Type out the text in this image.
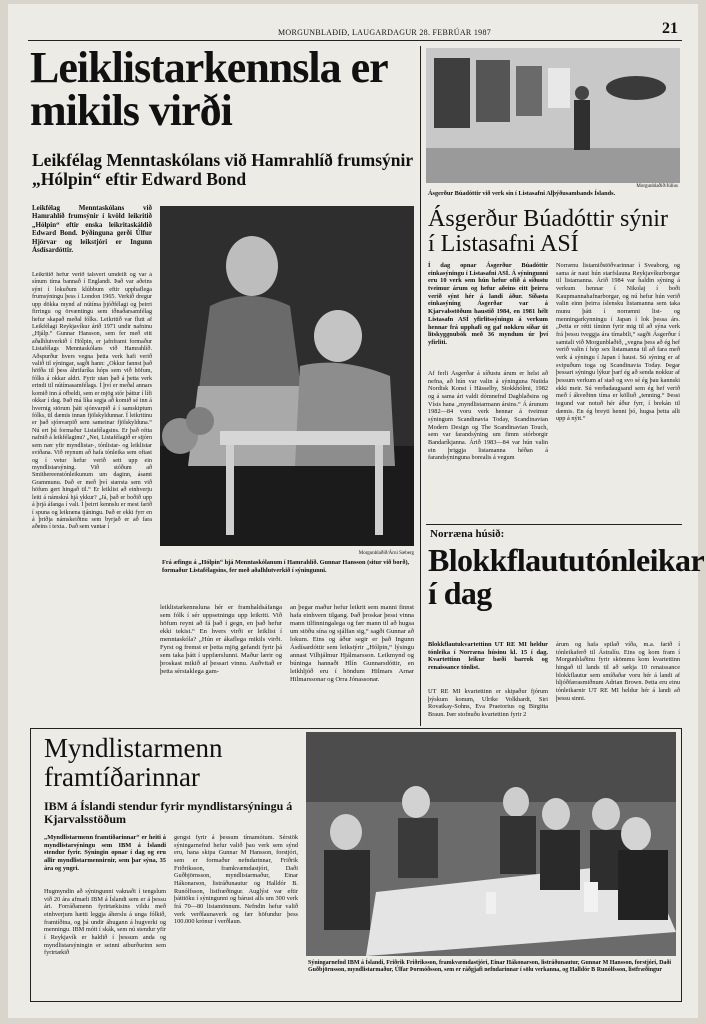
MORGUNBLAÐIÐ, LAUGARDAGUR 28. FEBRÚAR 1987	21
Leiklistarkennsla er mikils virði
Leikfélag Menntaskólans við Hamrahlíð frumsýnir „Hólpin“ eftir Edward Bond
Leikfélag Menntaskólans við Hamrahlíð frumsýnir í kvöld leikritið „Hólpin“ eftir enska leikritaskáldið Edward Bond. Þýðinguna gerði Úlfur Hjörvar og leikstjóri er Ingunn Ásdísardóttir.
Leikritið hefur verið talsvert umdeilt og var á sínum tíma bannað í Englandi. Það var aðeins sýnt í lokuðum klúbbum eftir upphaflega frumsýningu þess í London 1965. Verkið dregur upp dökka mynd af nútíma þjóðfélagi og þeirri firringu og örvæntingu sem iðnaðarsamfélag hefur skapað meðal fólks. Leikritið var flutt af Leikfélagi Reykjavíkur árið 1971 undir nafninu „Hjálp.“ Gunnar Hansson, sem fer með eitt aðalhlutverkið í Hólpin, er jafnframt formaður Listafélags Menntaskólans við Hamrahlíð. Aðspurður hvers vegna þetta verk hafi verið valið til sýningar, sagði hann: „Okkur fannst það höfða til þess áhrifaríka hóps sem við höfum, fólks á okkar aldri. Fyrir utan það á þetta verk erindi til nútímasamfélags. Í því er meðal annars komið inn á ofbeldi, sem er mjög stór þáttur í lífi okkar í dag. Það má líka segja að komið sé inn á hvernig störum þátt sjónvarpið á í samskiptum fólks, til dæmis innan fjölskyldunnar. Í leikritinu er það sjónvarpið sem sameinar fjölskylduna.“ Nú ert þú formaður Listafélagsins. Er það rétta nafnið á leikfélaginu? „Nei, Listafélagið er stjórn sem nær yfir myndlistar-, tónlistar- og leiklistar sviðana. Við reynum að hafa tónleika sem oftast og í vetur hefur verið sett upp ein myndlistarsýning. Við stóðum að Smithereenstónleikunum um daginn, ásamt Grammunu. Það er með því stærsta sem við höfum gert hingað til.“ Er leiklist að einhverju leiti á námskrá hjá ykkur? „Já, það er boðið upp á þrjá áfanga í vali. Í þeirri kennslu er mest farið í spuna og leikræna tjáningu. Það er ekki fyrr en á þriðja námskeiðinu sem byrjað er að fara aðeins í texta.. Það sem vantar í
Morgunblaðið/Árni Sæberg
Frá æfingu á „Hólpin“ hjá Menntaskólanum í Hamrahlíð. Gunnar Hansson (situr við borð), formaður Listafélagsins, fer með aðalhlutverkið í sýningunni.
leiklistarkennsluna hér er framhaldsáfanga sem fólk í sér uppsetningu upp leikriti. Við höfum reynt að fá það í gegn, en það hefur ekki tekist.“ En hvers virði er leiklist í menntaskóla? „Hún er ákaflega mikils virði. Fyrst og fremst er þetta mjög gefandi fyrir þá sem taka þátt í uppfærslunni. Maður lærir og þroskast mikið af þessari vinnu. Auðvitað er þetta sérstaklega gam-
an þegar maður hefur leikrit sem manni finnst hafa einhvern tilgang. Það þroskar þessi vinna mann tilfinningalega og fær mann til að hugsa um stöðu sína og sjálfan sig,“ sagði Gunnar að lokum. Eins og áður segir er það Ingunn Ásdísardóttir sem leikstýrir „Hólpin,“ lýsingu annast Vilhjálmur Hjálmarsson. Leikmynd og búninga hannaði Hlín Gunnarsdóttir, en leikhljóð eru í höndum Hilmars Arnar Hilmarssonar og Orra Jónassonar.
Morgunblaðið/Júlíus
Ásgerður Búadóttir við verk sín í Listasafni Alþýðusambands Íslands.
Ásgerður Búadóttir sýnir í Listasafni ASÍ
Í dag opnar Ásgerður Búadóttir einkasýningu í Listasafni ASÍ. Á sýningunni eru 10 verk sem hún hefur ofið á síðustu tveimur árum og hefur aðeins eitt þeirra verið sýnt hér á landi áður. Síðasta einkasýning Ásgerðar var á Kjarvalsstöðum haustið 1984, en 1981 hélt Listasafn ASÍ yfirlitssýningu á verkum hennar frá upphafi og gaf nokkru síðar út litskyggnubók með 36 myndum úr því yfirliti.
Af ferli Ásgerðar á síðustu árum er helst að nefna, að hún var valin á sýninguna Nutida Nordisk Konst í Hässelby, Stokkhólmi, 1982 og á sama ári valdi dómnefnd Dagblaðsins og Vísis hana „myndlistarmann ársins.“ Á árunum 1982—84 voru verk hennar á tveimur sýningum Scandinavia Today, Scandinavian Modern Design og The Scandinavian Touch, sem var farandsýning um fimm stórborgir Bandaríkjanna. Árið 1983—84 var hún valin ein þriggja listamanna héðan á farandsýninguna borealis á vegum
Norrænu listamiðstöðvarinnar í Sveaborg, og sama ár naut hún starfslauna Reykjavíkurborgar til listamanna. Árið 1984 var haldin sýning á verkum hennar í Nikolaj í boði Kaupmannahafnarborgar, og nú hefur hún verið valin einn þeirra íslensku listamanna sem taka munu þátt í norrænni list- og menningarkynningu í Japan í lok þessa árs. „Þetta er rétti tíminn fyrir mig til að sýna verk frá þessu tveggja ára tímabili,“ sagði Ásgerður í samtali við Morgunblaðið, „vegna þess að ég hef verið valin í hóp sex listamanna til að fara með verk á sýningu í Japan í haust. Sú sýning er af svipuðum toga og Scandinavia Today. Þegar þessari sýningu lýkur þarf ég að senda nokkur af þessum verkum af stað og svo sé ég þau kannski ekki meir. Sú verðadaugsand sem ég hef verið með í ákveðinn tíma er kölluð „tenning.“ Þessi tegund var notuð hér áður fyrr, í brekán til dæmis. En ég breyti henni þó, hugsa þetta allt upp á nýtt.“
Norræna húsið:
Blokkflaututónleikar í dag
Blokkflautukvartettinn UT RE MI heldur tónleika í Norræna húsinu kl. 15 í dag. Kvartettinn leikur bæði barrok og renaissance tónlist.
UT RE MI kvartettinn er skipaður fjórum þýskum konum, Ulrike Volkhardt, Siri Rovatkay-Sohns, Eva Praetorius og Birgitta Braun. Þær stofnuðu kvartettinn fyrir 2
árum og hafa spilað víða, m.a. farið í tónleikaferð til Ástralíu. Eins og kom fram í Morgunblaðinu fyrir skömmu kom kvartettinn hingað til lands til að sækja 10 renaissance blokkflautur sem smíðaðar voru hér á landi af hljóðfærasmiðnum Adrian Brown. Þetta eru einu tónleikarnir UT RE MI heldur hér á landi að þessu sinni.
Myndlistarmenn framtíðarinnar
IBM á Íslandi stendur fyrir myndlistarsýningu á Kjarvalsstöðum
„Myndlistarmenn framtíðarinnar“ er heiti á myndlistarsýningu sem IBM á Íslandi stendur fyrir. Sýningin opnar í dag og eru allir myndlistarmennirnir, sem þar sýna, 35 ára og yngri.
Hugmyndin að sýningunni vaknaði í tengslum við 20 ára afmæli IBM á Íslandi sem er á þessu ári. Forráðamenn fyrirtækisins vildu með einhverjum hætti leggja áherslu á unga fólkið, framtíðina, og þá undir áhugann á hugverki og menningu. IBM mótt í skák, sem nú stendur yfir í Reykjavík er haldið í þessum anda og myndlistarsýningin er seinni atburðurinn sem fyrirtækið
gengst fyrir á þessum tímamótum. Sérstök sýningarnefnd hefur valið þau verk sem sýnd eru, hana skipa Gunnar M Hansson, forstjóri, sem er formaður nefndarinnar, Friðrik Friðriksson, framkvæmdastjóri, Daði Guðbjörnsson, myndlistarmaður, Einar Hákonarson, listráðunautur og Halldór B. Runólfsson, listfræðingur. Auglýst var eftir þátttöku í sýningunni og bárust alls um 300 verk frá 70—80 listamönnum. Nefndin hefur valið verk verðlaunaverk og fær höfundur þess 100.000 krónur í verðlaun.
Sýningarnefnd IBM á Íslandi, Friðrik Friðriksson, framkvæmdastjóri, Einar Hákonarson, listráðunautur, Gunnar M Hansson, forstjóri, Daði Guðbjörnsson, myndlistarmaður, Úlfar Þormóðsson, sem er ráðgjafi nefndarinnar í sölu verkanna, og Halldór B Runólfsson, listfræðingur
